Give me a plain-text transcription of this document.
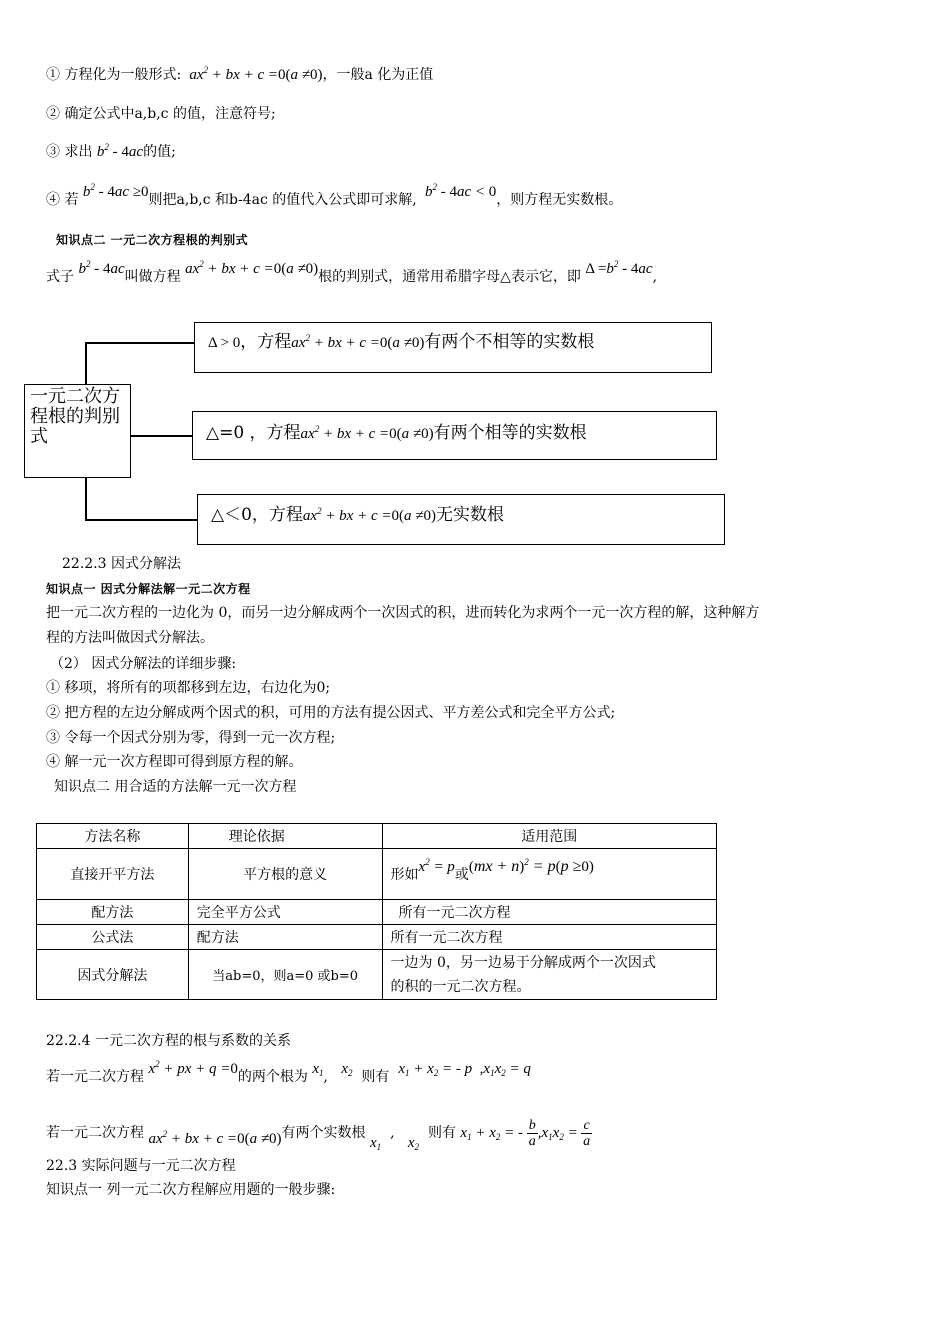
① 方程化为一般形式:  $ax^2$ + bx + c =0(a ≠0)，一般a 化为正值
② 确定公式中a,b,c 的值，注意符号;
③ 求出 $b^2 - 4ac$的值;
④ 若 $b^2 - 4ac \ge 0$则把a,b,c 和b-4ac 的值代入公式即可求解,  $b^2 - 4ac < 0$，则方程无实数根。
知识点二 一元二次方程根的判别式
式子 $b^2 - 4ac$叫做方程 $ax^2$ + bx + c =0(a ≠0)根的判别式，通常用希腊字母△表示它，即 $\Delta =b^2 - 4ac$,
一元二次方程根的判别式
Δ > 0，方程$ax^2$ + bx + c =0(a ≠0)有两个不相等的实数根
△=0 ，方程$ax^2$ + bx + c =0(a ≠0)有两个相等的实数根
△＜0，方程$ax^2$ + bx + c =0(a ≠0)无实数根
22.2.3 因式分解法
知识点一 因式分解法解一元二次方程
把一元二次方程的一边化为 0，而另一边分解成两个一次因式的积，进而转化为求两个一元一次方程的解，这种解方
程的方法叫做因式分解法。
（2） 因式分解法的详细步骤:
① 移项，将所有的项都移到左边，右边化为0;
② 把方程的左边分解成两个因式的积，可用的方法有提公因式、平方差公式和完全平方公式;
③ 令每一个因式分别为零，得到一元一次方程;
④ 解一元一次方程即可得到原方程的解。
知识点二 用合适的方法解一元一次方程
方法名称	理论依据	适用范围
直接开平方法	平方根的意义	形如$x^2 = p$或(mx + n)$^2$ = p(p ≥0)
配方法	完全平方公式	所有一元二次方程
公式法	配方法	所有一元二次方程
因式分解法	当ab=0，则a=0 或b=0	一边为 0，另一边易于分解成两个一次因式
的积的一元二次方程。
22.2.4 一元二次方程的根与系数的关系
若一元二次方程 $x^2$ + px + q =0的两个根为 $x_1$,   $x_2$ 则有 $x_1 + x_2$ = - p  $,x_1x_2 = q$
若一元二次方程 $ax^2$ + bx + c =0(a ≠0)有两个实数根 $x_1$  ,   $x_2$  则有 $x_1 + x_2$ = - $\frac{b}{a} ,x_1x_2 = \frac{c}{a}$
22.3 实际问题与一元二次方程
知识点一 列一元二次方程解应用题的一般步骤:
